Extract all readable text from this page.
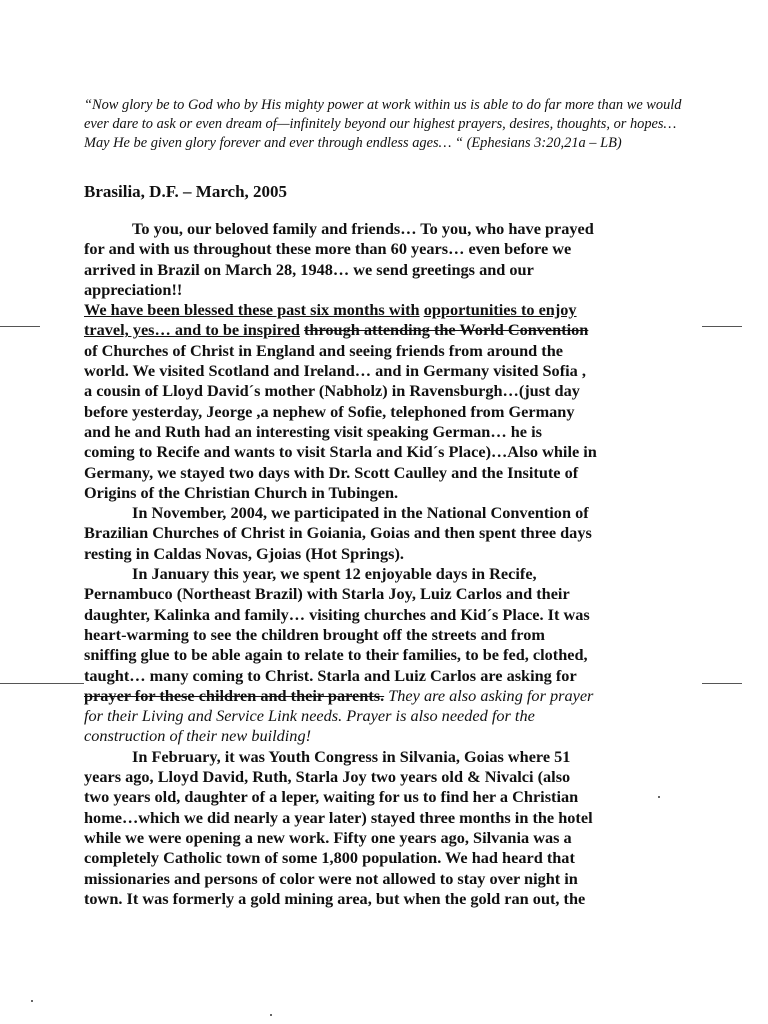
“Now glory be to God who by His mighty power at work within us is able to do far more than we would ever dare to ask or even dream of—infinitely beyond our highest prayers, desires, thoughts, or hopes… May He be given glory forever and ever through endless ages… “ (Ephesians 3:20,21a – LB)
Brasilia, D.F. – March, 2005
To you, our beloved family and friends… To you, who have prayed
for and with us throughout these more than 60 years… even before we
arrived in Brazil on March 28, 1948… we send greetings and our
appreciation!!
We have been blessed these past six months with opportunities to enjoy
travel, yes… and to be inspired through attending the World Convention
of Churches of Christ in England and seeing friends from around the
world. We visited Scotland and Ireland… and in Germany visited Sofia ,
a cousin of Lloyd David´s mother (Nabholz) in Ravensburgh…(just day
before yesterday, Jeorge ,a nephew of Sofie, telephoned from Germany
and he and Ruth had an interesting visit speaking German… he is
coming to Recife and wants to visit Starla and Kid´s Place)…Also while in
Germany, we stayed two days with Dr. Scott Caulley and the Insitute of
Origins of the Christian Church in Tubingen.
In November, 2004, we participated in the National Convention of
Brazilian Churches of Christ in Goiania, Goias and then spent three days
resting in Caldas Novas, Gjoias (Hot Springs).
In January this year, we spent 12 enjoyable days in Recife,
Pernambuco (Northeast Brazil) with Starla Joy, Luiz Carlos and their
daughter, Kalinka and family… visiting churches and Kid´s Place. It was
heart-warming to see the children brought off the streets and from
sniffing glue to be able again to relate to their families, to be fed, clothed,
taught… many coming to Christ. Starla and Luiz Carlos are asking for
prayer for these children and their parents. They are also asking for prayer
for their Living and Service Link needs. Prayer is also needed for the
construction of their new building!
In February, it was Youth Congress in Silvania, Goias where 51
years ago, Lloyd David, Ruth, Starla Joy two years old & Nivalci (also
two years old, daughter of a leper, waiting for us to find her a Christian
home…which we did nearly a year later) stayed three months in the hotel
while we were opening a new work. Fifty one years ago, Silvania was a
completely Catholic town of some 1,800 population. We had heard that
missionaries and persons of color were not allowed to stay over night in
town. It was formerly a gold mining area, but when the gold ran out, the
